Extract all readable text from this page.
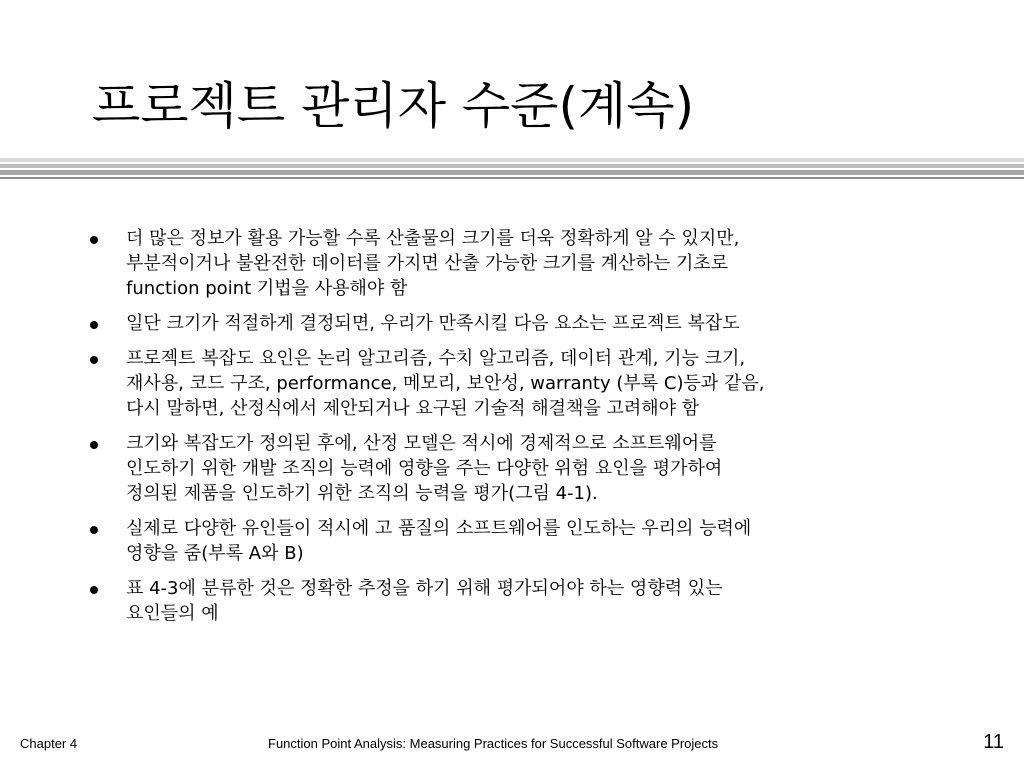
프로젝트 관리자 수준(계속)
더 많은 정보가 활용 가능할 수록 산출물의 크기를 더욱 정확하게 알 수 있지만,
부분적이거나 불완전한 데이터를 가지면 산출 가능한 크기를 계산하는 기초로
function point 기법을 사용해야 함
일단 크기가 적절하게 결정되면, 우리가 만족시킬 다음 요소는 프로젝트 복잡도
프로젝트 복잡도 요인은 논리 알고리즘, 수치 알고리즘, 데이터 관계, 기능 크기,
재사용, 코드 구조, performance, 메모리, 보안성, warranty (부록 C)등과 같음,
다시 말하면, 산정식에서 제안되거나 요구된 기술적 해결책을 고려해야 함
크기와 복잡도가 정의된 후에, 산정 모델은 적시에 경제적으로 소프트웨어를
인도하기 위한 개발 조직의 능력에 영향을 주는 다양한 위험 요인을 평가하여
정의된 제품을 인도하기 위한 조직의 능력을 평가(그림 4-1).
실제로 다양한 유인들이 적시에 고 품질의 소프트웨어를 인도하는 우리의 능력에
영향을 줌(부록 A와 B)
표 4-3에 분류한 것은 정확한 추정을 하기 위해 평가되어야 하는 영향력 있는
요인들의 예
Chapter 4	Function Point Analysis: Measuring Practices for Successful Software Projects	11
